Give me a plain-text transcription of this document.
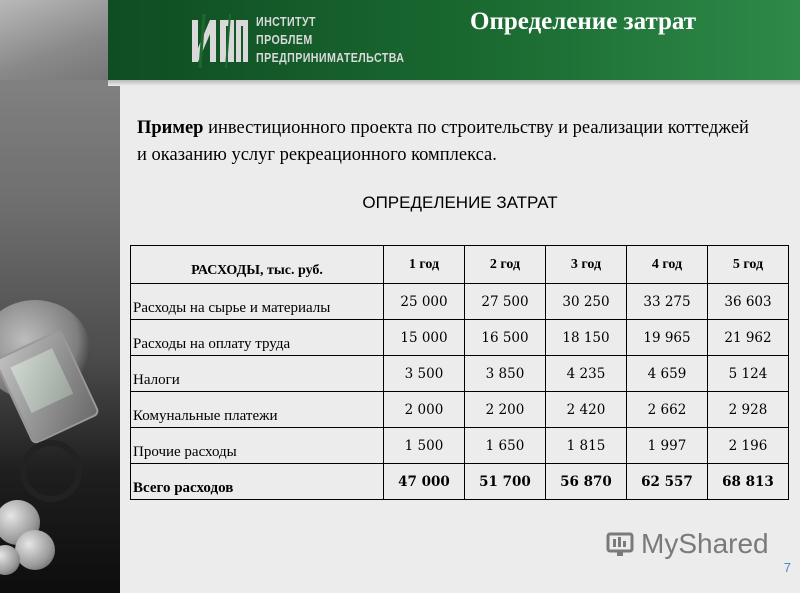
ИНСТИТУТ
ПРОБЛЕМ
ПРЕДПРИНИМАТЕЛЬСТВА
Определение затрат
Пример инвестиционного проекта по строительству и реализации коттеджей и оказанию услуг рекреационного комплекса.
ОПРЕДЕЛЕНИЕ ЗАТРАТ
РАСХОДЫ, тыс. руб.	1 год	2 год	3 год	4 год	5 год
Расходы на сырье и материалы	25 000	27 500	30 250	33 275	36 603
Расходы на оплату труда	15 000	16 500	18 150	19 965	21 962
Налоги	3 500	3 850	4 235	4 659	5 124
Комунальные платежи	2 000	2 200	2 420	2 662	2 928
Прочие расходы	1 500	1 650	1 815	1 997	2 196
Всего расходов	47 000	51 700	56 870	62 557	68 813
MyShared
7
